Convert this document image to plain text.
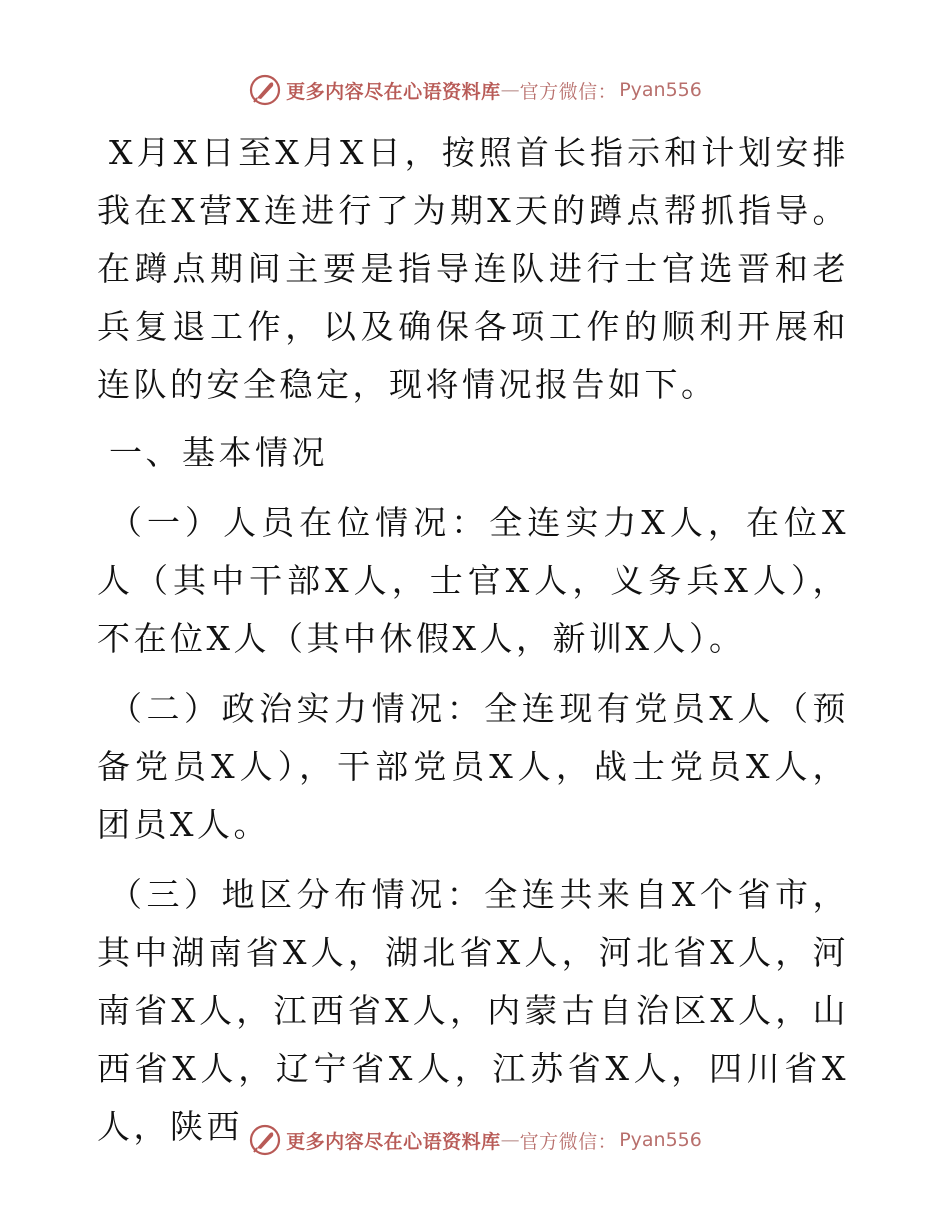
更多内容尽在心语资料库 — 官方微信： Pyan556

X月X日至X月X日，按照首长指示和计划安排我在X营X连进行了为期X天的蹲点帮抓指导。在蹲点期间主要是指导连队进行士官选晋和老兵复退工作，以及确保各项工作的顺利开展和连队的安全稳定，现将情况报告如下。

一、基本情况

（一）人员在位情况：全连实力X人，在位X人（其中干部X人，士官X人，义务兵X人），不在位X人（其中休假X人，新训X人）。

（二）政治实力情况：全连现有党员X人（预备党员X人），干部党员X人，战士党员X人，团员X人。

（三）地区分布情况：全连共来自X个省市，其中湖南省X人，湖北省X人，河北省X人，河南省X人，江西省X人，内蒙古自治区X人，山西省X人，辽宁省X人，江苏省X人，四川省X人，陕西	更多内容尽在心语资料库 — 官方微信： Pyan556
